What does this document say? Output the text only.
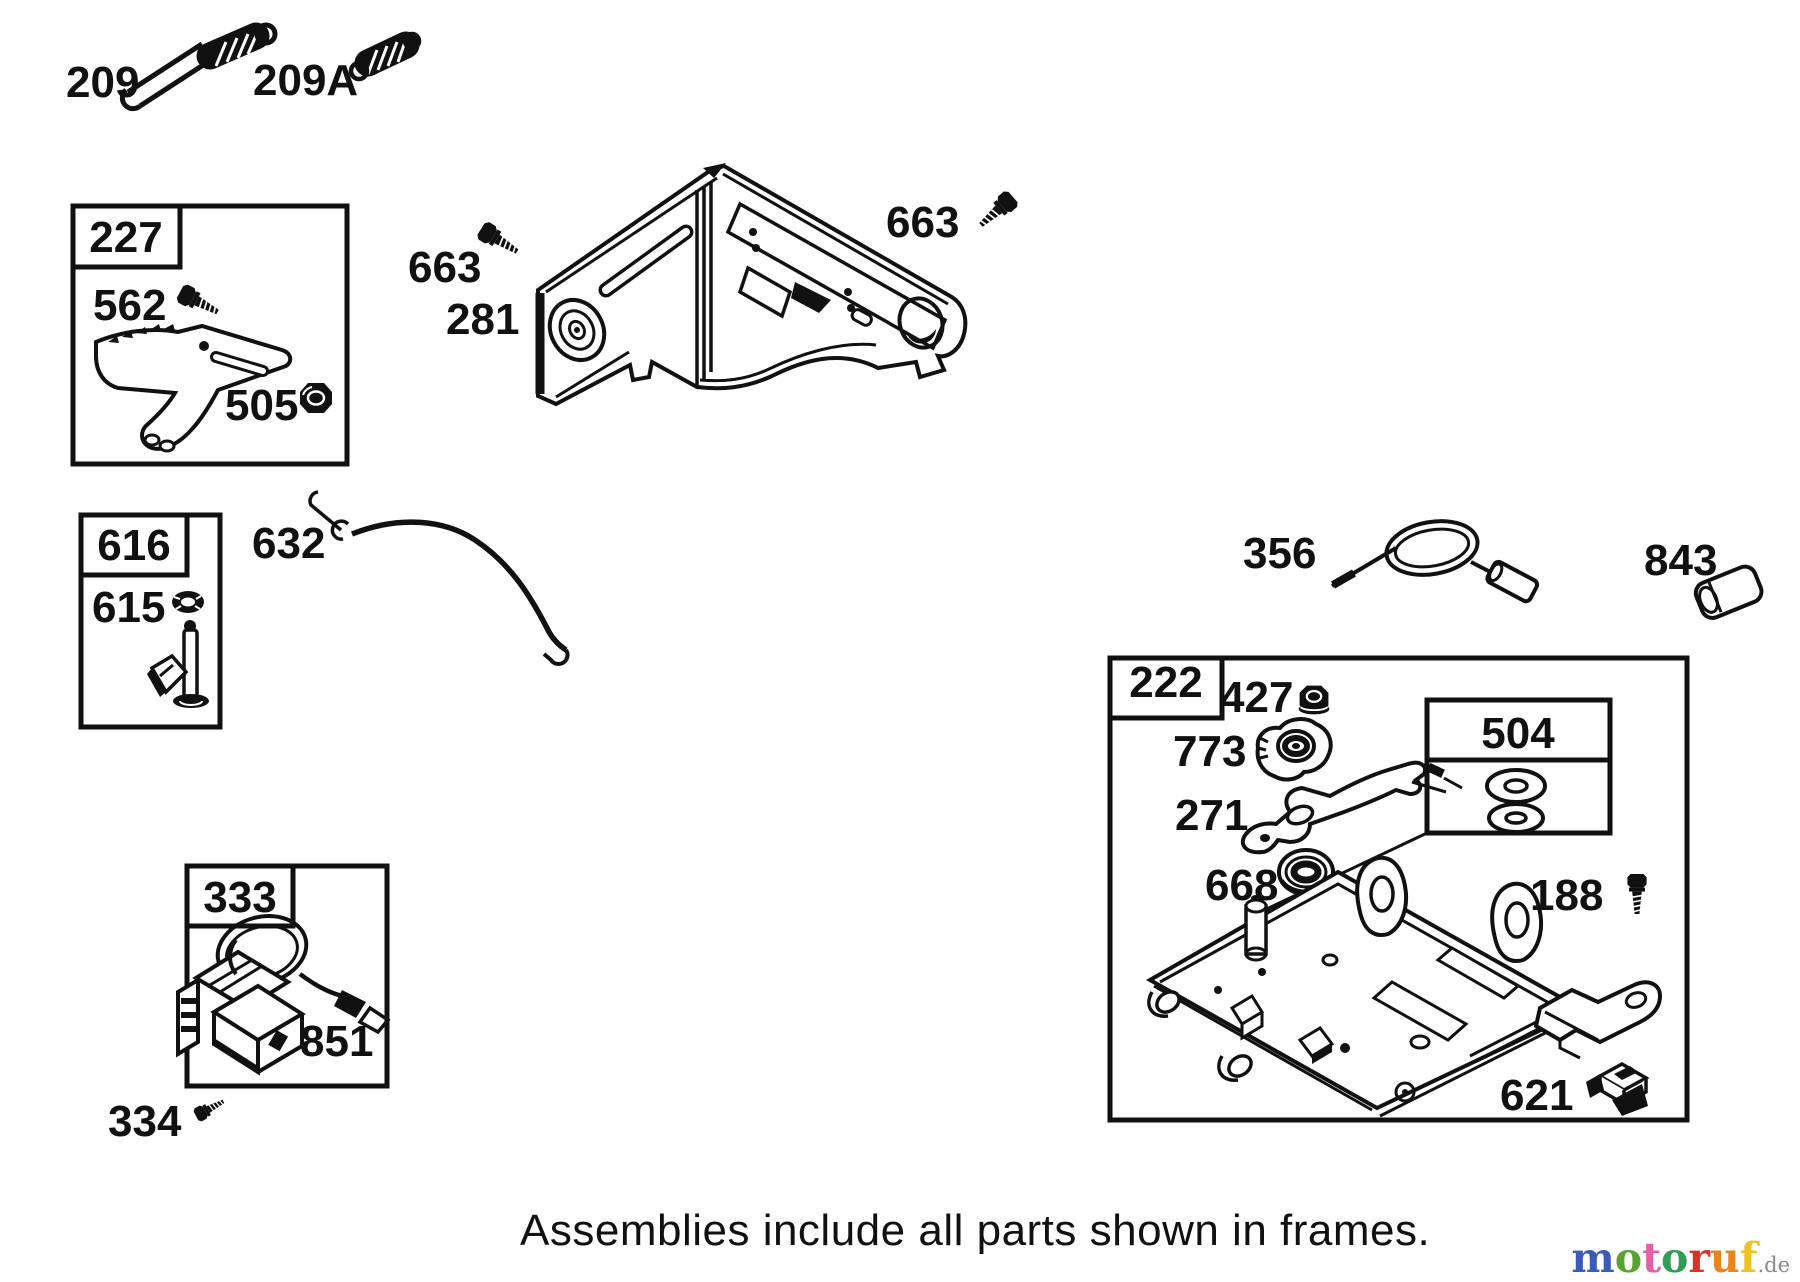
209	209A
227
562
505
663
281
663
616
615
632	356	843
222 427
773
271
668
504
188
621
333
851
334
Assemblies include all parts shown in frames.
motoruf.de
